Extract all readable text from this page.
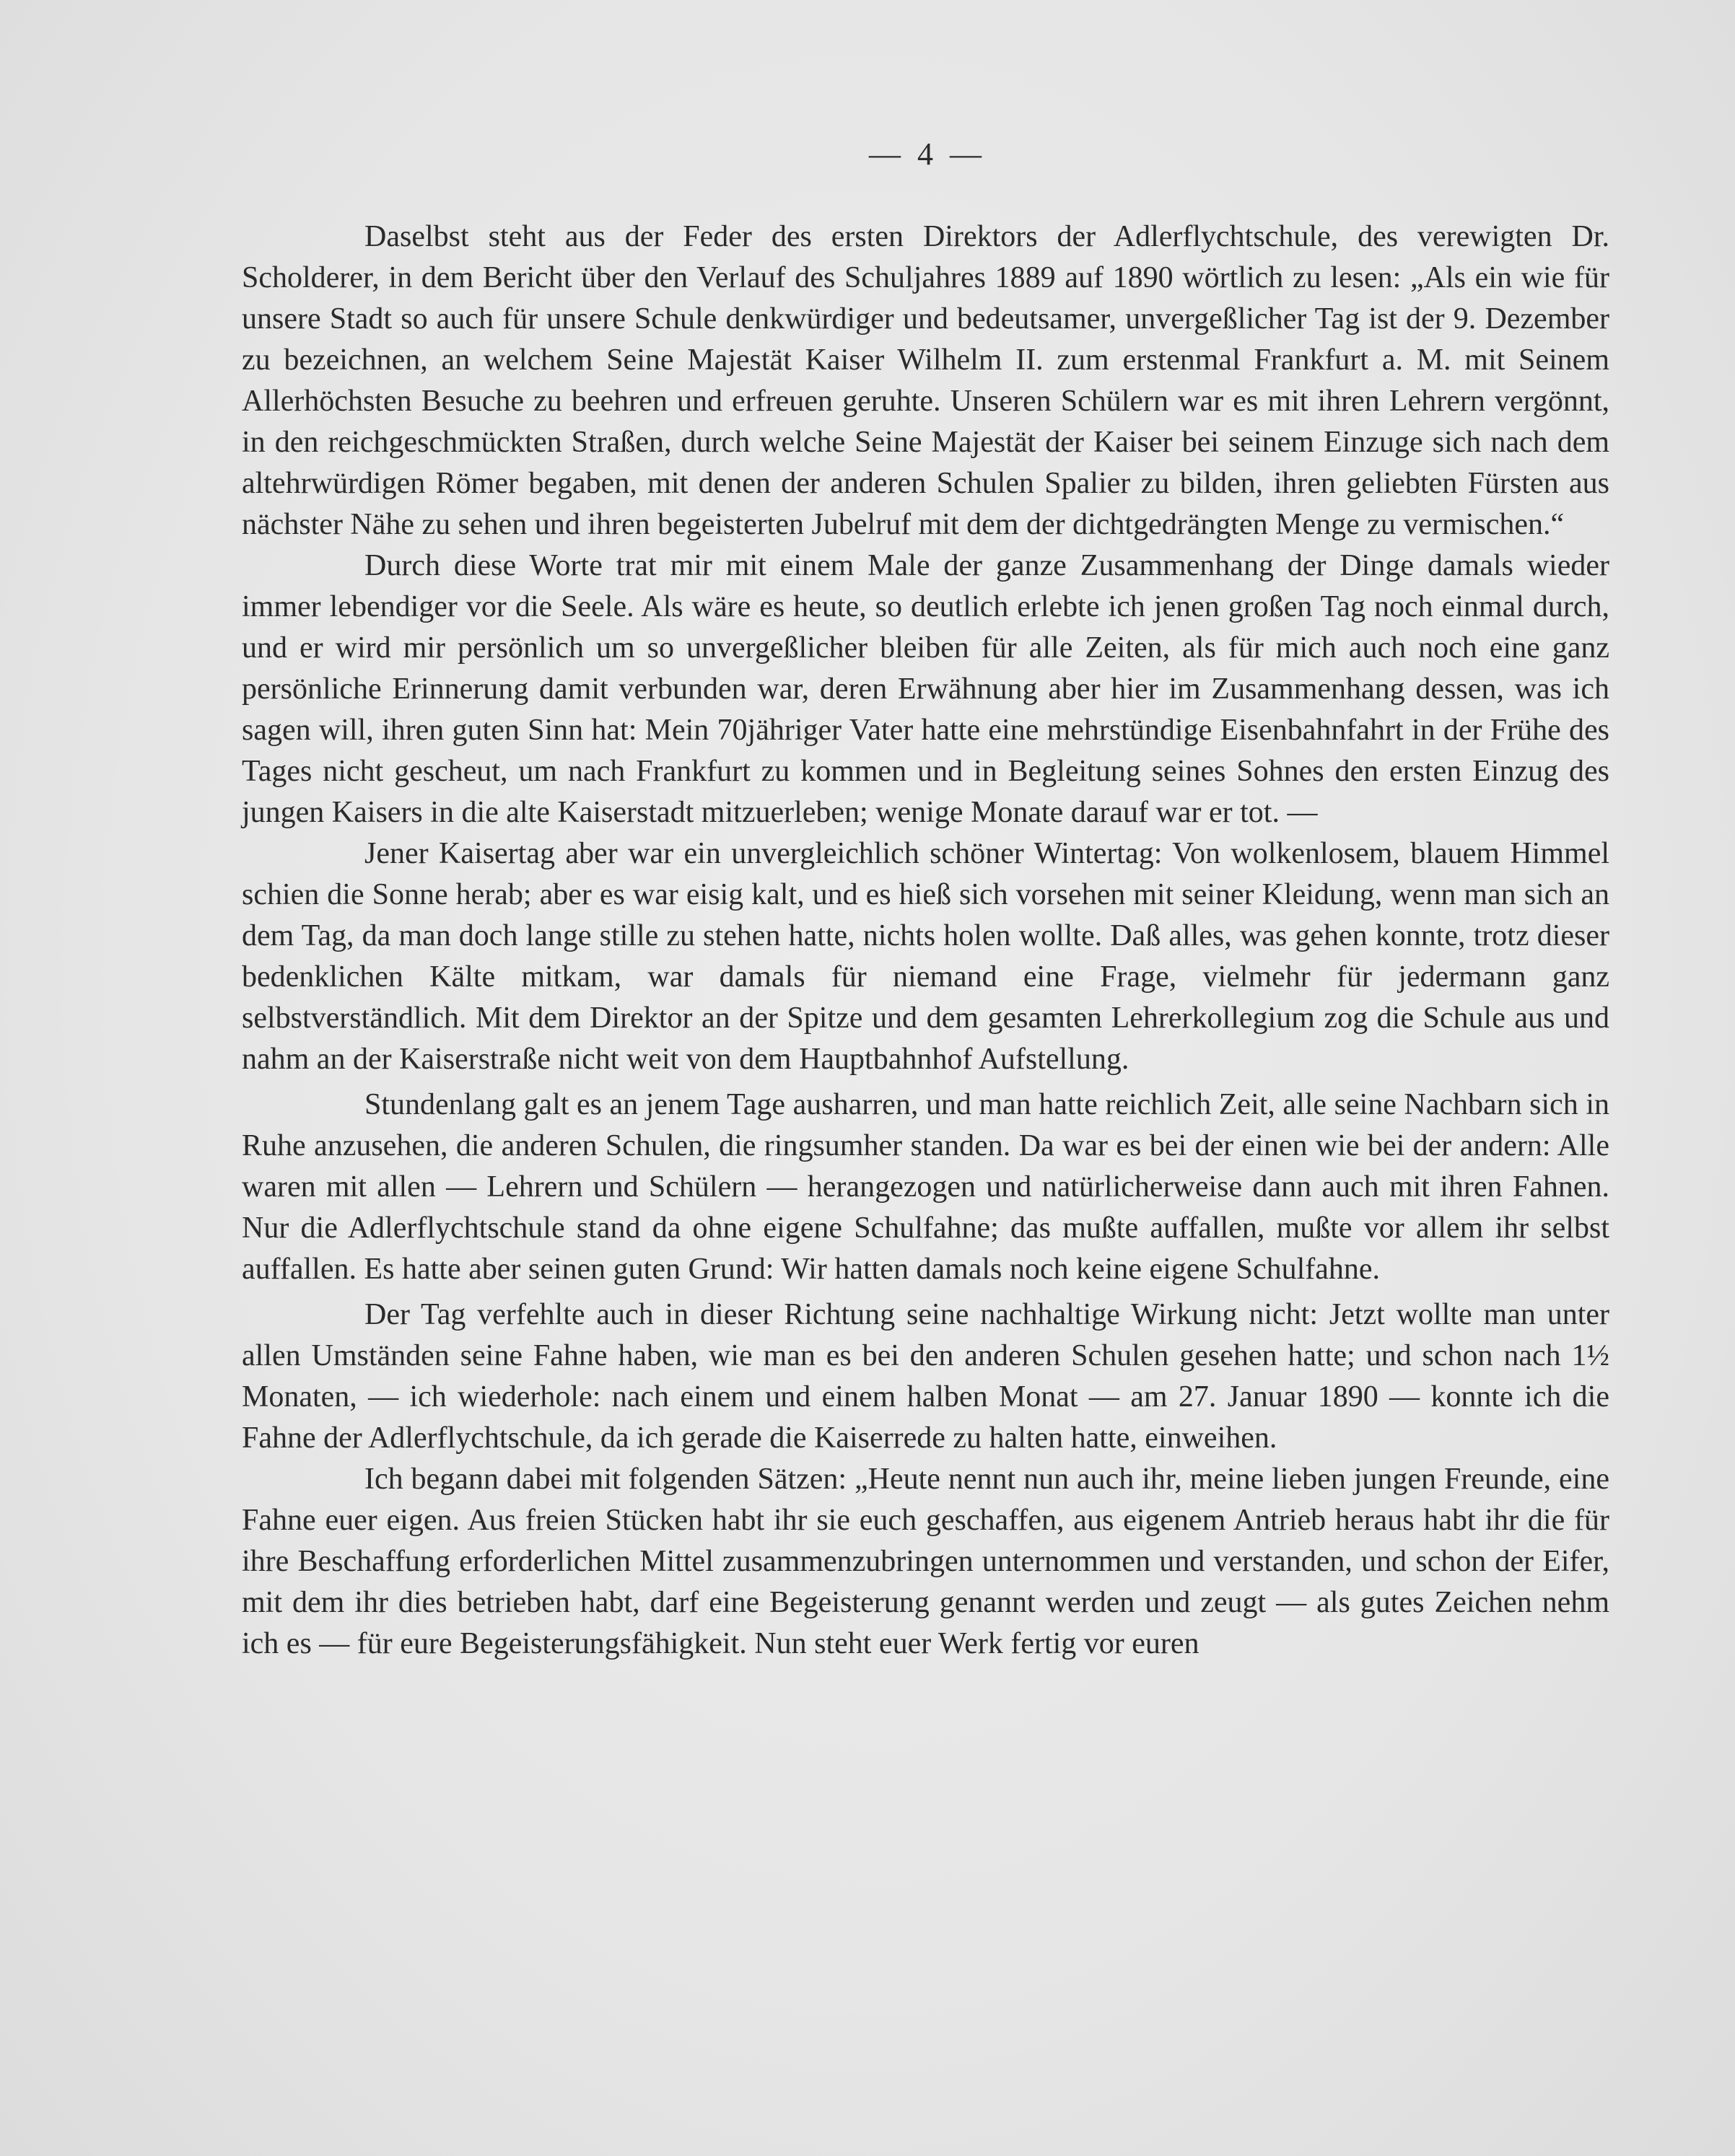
— 4 —

Daselbst steht aus der Feder des ersten Direktors der Adlerflychtschule, des verewigten Dr. Scholderer, in dem Bericht über den Verlauf des Schuljahres 1889 auf 1890 wörtlich zu lesen: „Als ein wie für unsere Stadt so auch für unsere Schule denkwürdiger und bedeutsamer, unvergeßlicher Tag ist der 9. Dezember zu bezeichnen, an welchem Seine Majestät Kaiser Wilhelm II. zum erstenmal Frankfurt a. M. mit Seinem Allerhöchsten Besuche zu beehren und erfreuen geruhte. Unseren Schülern war es mit ihren Lehrern vergönnt, in den reichgeschmückten Straßen, durch welche Seine Majestät der Kaiser bei seinem Einzuge sich nach dem altehrwürdigen Römer begaben, mit denen der anderen Schulen Spalier zu bilden, ihren geliebten Fürsten aus nächster Nähe zu sehen und ihren begeisterten Jubelruf mit dem der dichtgedrängten Menge zu vermischen.“

Durch diese Worte trat mir mit einem Male der ganze Zusammenhang der Dinge damals wieder immer lebendiger vor die Seele. Als wäre es heute, so deutlich erlebte ich jenen großen Tag noch einmal durch, und er wird mir persönlich um so unvergeßlicher bleiben für alle Zeiten, als für mich auch noch eine ganz persönliche Erinnerung damit verbunden war, deren Erwähnung aber hier im Zusammenhang dessen, was ich sagen will, ihren guten Sinn hat: Mein 70jähriger Vater hatte eine mehrstündige Eisenbahnfahrt in der Frühe des Tages nicht gescheut, um nach Frankfurt zu kommen und in Begleitung seines Sohnes den ersten Einzug des jungen Kaisers in die alte Kaiserstadt mitzuerleben; wenige Monate darauf war er tot. —

Jener Kaisertag aber war ein unvergleichlich schöner Wintertag: Von wolkenlosem, blauem Himmel schien die Sonne herab; aber es war eisig kalt, und es hieß sich vorsehen mit seiner Kleidung, wenn man sich an dem Tag, da man doch lange stille zu stehen hatte, nichts holen wollte. Daß alles, was gehen konnte, trotz dieser bedenklichen Kälte mitkam, war damals für niemand eine Frage, vielmehr für jedermann ganz selbstverständlich. Mit dem Direktor an der Spitze und dem gesamten Lehrerkollegium zog die Schule aus und nahm an der Kaiserstraße nicht weit von dem Hauptbahnhof Aufstellung.

Stundenlang galt es an jenem Tage ausharren, und man hatte reichlich Zeit, alle seine Nachbarn sich in Ruhe anzusehen, die anderen Schulen, die ringsumher standen. Da war es bei der einen wie bei der andern: Alle waren mit allen — Lehrern und Schülern — herangezogen und natürlicherweise dann auch mit ihren Fahnen. Nur die Adlerflychtschule stand da ohne eigene Schulfahne; das mußte auffallen, mußte vor allem ihr selbst auffallen. Es hatte aber seinen guten Grund: Wir hatten damals noch keine eigene Schulfahne.

Der Tag verfehlte auch in dieser Richtung seine nachhaltige Wirkung nicht: Jetzt wollte man unter allen Umständen seine Fahne haben, wie man es bei den anderen Schulen gesehen hatte; und schon nach 1½ Monaten, — ich wiederhole: nach einem und einem halben Monat — am 27. Januar 1890 — konnte ich die Fahne der Adlerflychtschule, da ich gerade die Kaiserrede zu halten hatte, einweihen.

Ich begann dabei mit folgenden Sätzen: „Heute nennt nun auch ihr, meine lieben jungen Freunde, eine Fahne euer eigen. Aus freien Stücken habt ihr sie euch geschaffen, aus eigenem Antrieb heraus habt ihr die für ihre Beschaffung erforderlichen Mittel zusammenzubringen unternommen und verstanden, und schon der Eifer, mit dem ihr dies betrieben habt, darf eine Begeisterung genannt werden und zeugt — als gutes Zeichen nehm ich es — für eure Begeisterungsfähigkeit. Nun steht euer Werk fertig vor euren
